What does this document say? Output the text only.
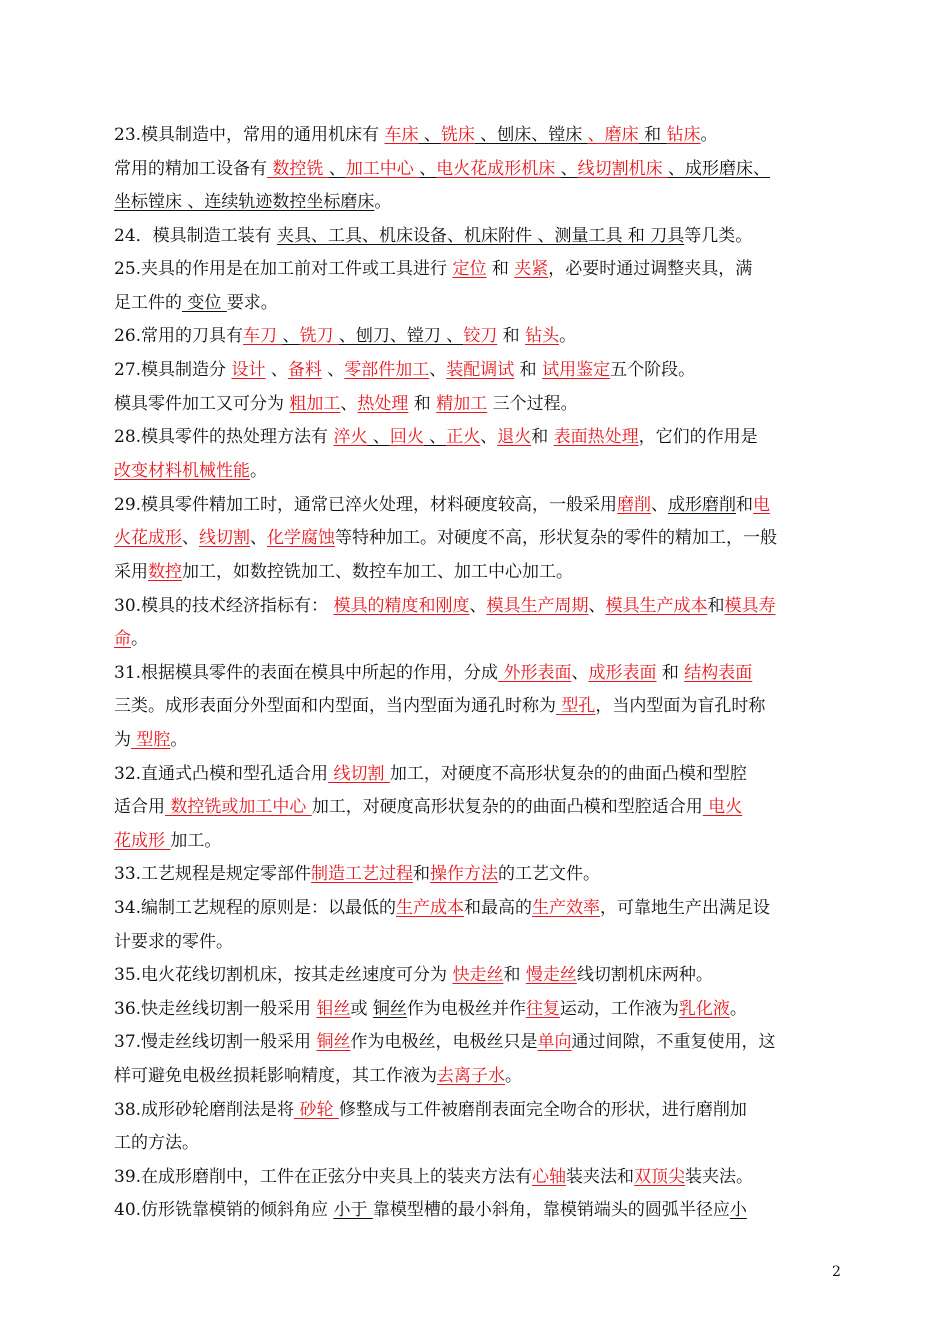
23.模具制造中，常用的通用机床有 车床 、铣床 、刨床、镗床 、磨床 和 钻床。
常用的精加工设备有 数控铣 、加工中心 、电火花成形机床 、线切割机床 、成形磨床、
坐标镗床 、连续轨迹数控坐标磨床。
24．模具制造工装有 夹具、工具、机床设备、机床附件 、测量工具 和 刀具等几类。
25.夹具的作用是在加工前对工件或工具进行 定位 和 夹紧，必要时通过调整夹具，满
足工件的 变位 要求。
26.常用的刀具有车刀 、铣刀 、刨刀、镗刀 、铰刀 和 钻头。
27.模具制造分 设计 、备料 、零部件加工、装配调试 和 试用鉴定五个阶段。
模具零件加工又可分为 粗加工、热处理 和 精加工 三个过程。
28.模具零件的热处理方法有 淬火 、回火 、正火、退火和 表面热处理，它们的作用是
改变材料机械性能。
29.模具零件精加工时，通常已淬火处理，材料硬度较高，一般采用磨削、成形磨削和电
火花成形、线切割、化学腐蚀等特种加工。对硬度不高，形状复杂的零件的精加工，一般
采用数控加工，如数控铣加工、数控车加工、加工中心加工。
30.模具的技术经济指标有： 模具的精度和刚度、模具生产周期、模具生产成本和模具寿
命。
31.根据模具零件的表面在模具中所起的作用，分成 外形表面、成形表面 和 结构表面
三类。成形表面分外型面和内型面，当内型面为通孔时称为 型孔，当内型面为盲孔时称
为 型腔。
32.直通式凸模和型孔适合用 线切割 加工，对硬度不高形状复杂的的曲面凸模和型腔
适合用 数控铣或加工中心 加工，对硬度高形状复杂的的曲面凸模和型腔适合用 电火
花成形 加工。
33.工艺规程是规定零部件制造工艺过程和操作方法的工艺文件。
34.编制工艺规程的原则是：以最低的生产成本和最高的生产效率，可靠地生产出满足设
计要求的零件。
35.电火花线切割机床，按其走丝速度可分为 快走丝和 慢走丝线切割机床两种。
36.快走丝线切割一般采用 钼丝或 铜丝作为电极丝并作往复运动，工作液为乳化液。
37.慢走丝线切割一般采用 铜丝作为电极丝，电极丝只是单向通过间隙，不重复使用，这
样可避免电极丝损耗影响精度，其工作液为去离子水。
38.成形砂轮磨削法是将 砂轮 修整成与工件被磨削表面完全吻合的形状，进行磨削加
工的方法。
39.在成形磨削中，工件在正弦分中夹具上的装夹方法有心轴装夹法和双顶尖装夹法。
40.仿形铣靠模销的倾斜角应 小于 靠模型槽的最小斜角，靠模销端头的圆弧半径应小
2
